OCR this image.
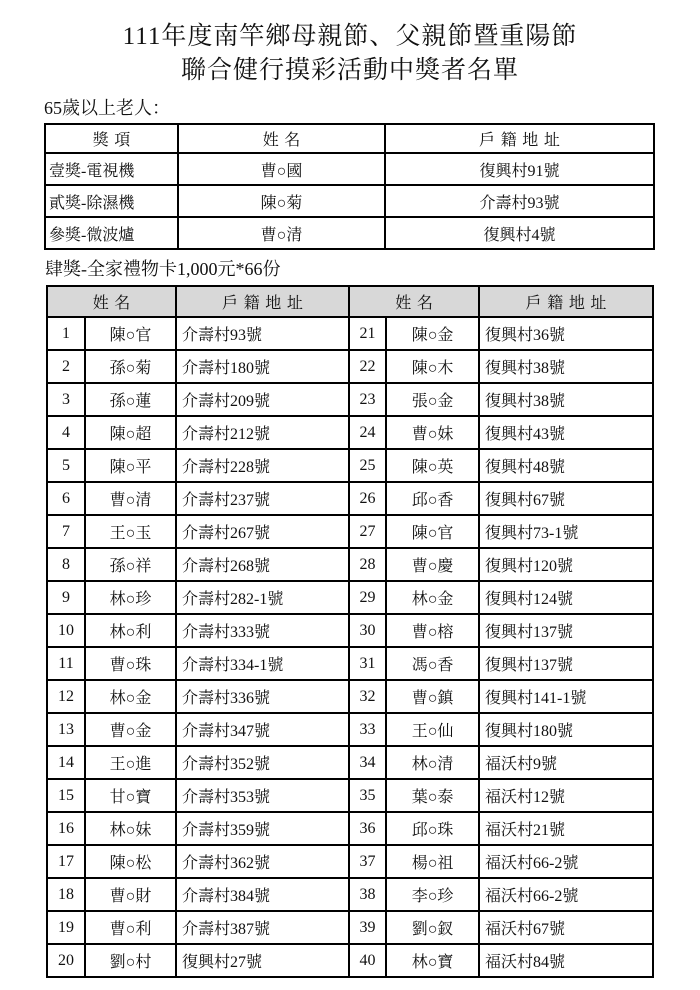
111年度南竿鄉母親節、父親節暨重陽節
聯合健行摸彩活動中獎者名單
65歲以上老人：
獎項	姓名	戶籍地址
壹獎-電視機	曹○國	復興村91號
貳獎-除濕機	陳○菊	介壽村93號
參獎-微波爐	曹○清	復興村4號
肆獎-全家禮物卡1,000元*66份
姓名		戶籍地址	姓名		戶籍地址
1	陳○官	介壽村93號	21	陳○金	復興村36號
2	孫○菊	介壽村180號	22	陳○木	復興村38號
3	孫○蓮	介壽村209號	23	張○金	復興村38號
4	陳○超	介壽村212號	24	曹○妹	復興村43號
5	陳○平	介壽村228號	25	陳○英	復興村48號
6	曹○清	介壽村237號	26	邱○香	復興村67號
7	王○玉	介壽村267號	27	陳○官	復興村73-1號
8	孫○祥	介壽村268號	28	曹○慶	復興村120號
9	林○珍	介壽村282-1號	29	林○金	復興村124號
10	林○利	介壽村333號	30	曹○榕	復興村137號
11	曹○珠	介壽村334-1號	31	馮○香	復興村137號
12	林○金	介壽村336號	32	曹○鎮	復興村141-1號
13	曹○金	介壽村347號	33	王○仙	復興村180號
14	王○進	介壽村352號	34	林○清	福沃村9號
15	甘○寶	介壽村353號	35	葉○泰	福沃村12號
16	林○妹	介壽村359號	36	邱○珠	福沃村21號
17	陳○松	介壽村362號	37	楊○祖	福沃村66-2號
18	曹○財	介壽村384號	38	李○珍	福沃村66-2號
19	曹○利	介壽村387號	39	劉○釵	福沃村67號
20	劉○村	復興村27號	40	林○寶	福沃村84號
